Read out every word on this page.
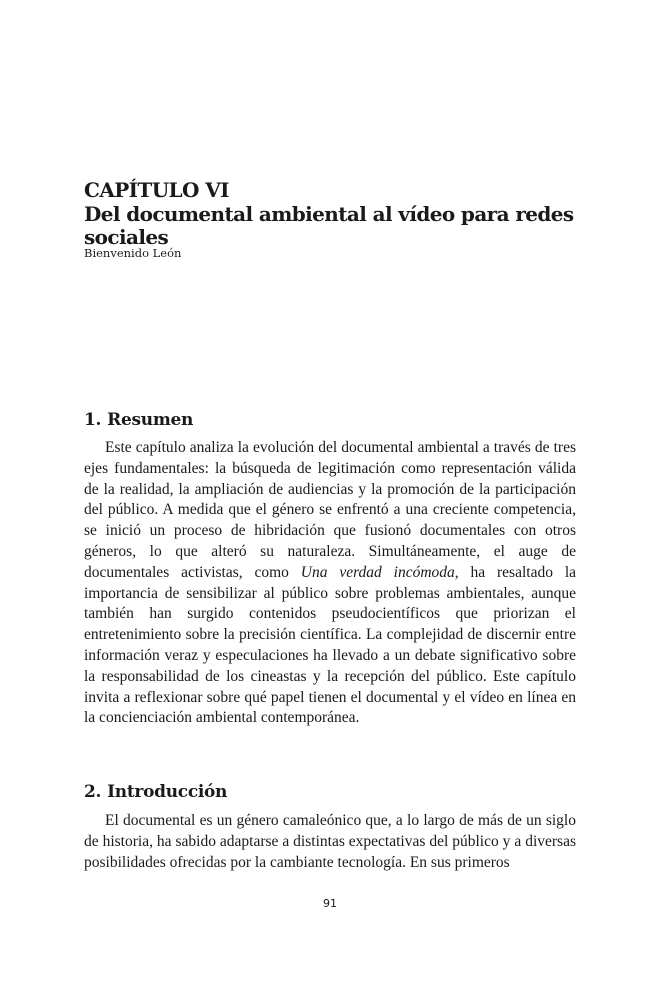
CAPÍTULO VI
Del documental ambiental al vídeo para redes sociales
Bienvenido León
1. Resumen

Este capítulo analiza la evolución del documental ambiental a través de tres ejes fundamentales: la búsqueda de legitimación como representación válida de la realidad, la ampliación de audiencias y la promoción de la participación del público. A medida que el género se enfrentó a una creciente competencia, se inició un proceso de hibridación que fusionó documentales con otros géneros, lo que alteró su naturaleza. Simultáneamente, el auge de documentales activistas, como Una verdad incómoda, ha resaltado la importancia de sensibilizar al público sobre problemas ambientales, aunque también han surgido contenidos pseudocientíficos que priorizan el entretenimiento sobre la precisión científica. La complejidad de discernir entre información veraz y especulaciones ha llevado a un debate significativo sobre la responsabilidad de los cineastas y la recepción del público. Este capítulo invita a reflexionar sobre qué papel tienen el documental y el vídeo en línea en la concienciación ambiental contemporánea.

2. Introducción

El documental es un género camaleónico que, a lo largo de más de un siglo de historia, ha sabido adaptarse a distintas expectativas del público y a diversas posibilidades ofrecidas por la cambiante tecnología. En sus primeros

91
